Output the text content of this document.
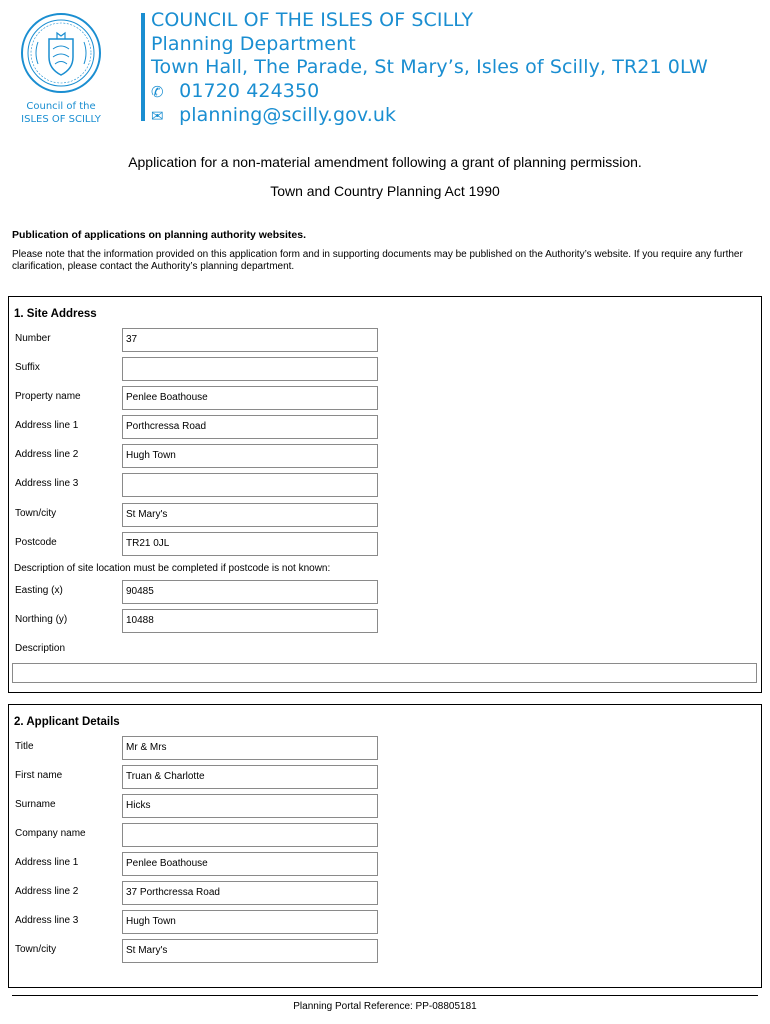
Council of the
ISLES OF SCILLY
COUNCIL OF THE ISLES OF SCILLY
Planning Department
Town Hall, The Parade, St Mary’s, Isles of Scilly, TR21 0LW
✆ 01720 424350
✉ planning@scilly.gov.uk
Application for a non-material amendment following a grant of planning permission.
Town and Country Planning Act 1990
Publication of applications on planning authority websites.
Please note that the information provided on this application form and in supporting documents may be published on the Authority’s website. If you require any further clarification, please contact the Authority’s planning department.
1. Site Address
Number	37
Suffix
Property name	Penlee Boathouse
Address line 1	Porthcressa Road
Address line 2	Hugh Town
Address line 3
Town/city	St Mary's
Postcode	TR21 0JL
Description of site location must be completed if postcode is not known:
Easting (x)	90485
Northing (y)	10488
Description
2. Applicant Details
Title	Mr & Mrs
First name	Truan & Charlotte
Surname	Hicks
Company name
Address line 1	Penlee Boathouse
Address line 2	37 Porthcressa Road
Address line 3	Hugh Town
Town/city	St Mary's
Planning Portal Reference: PP-08805181
